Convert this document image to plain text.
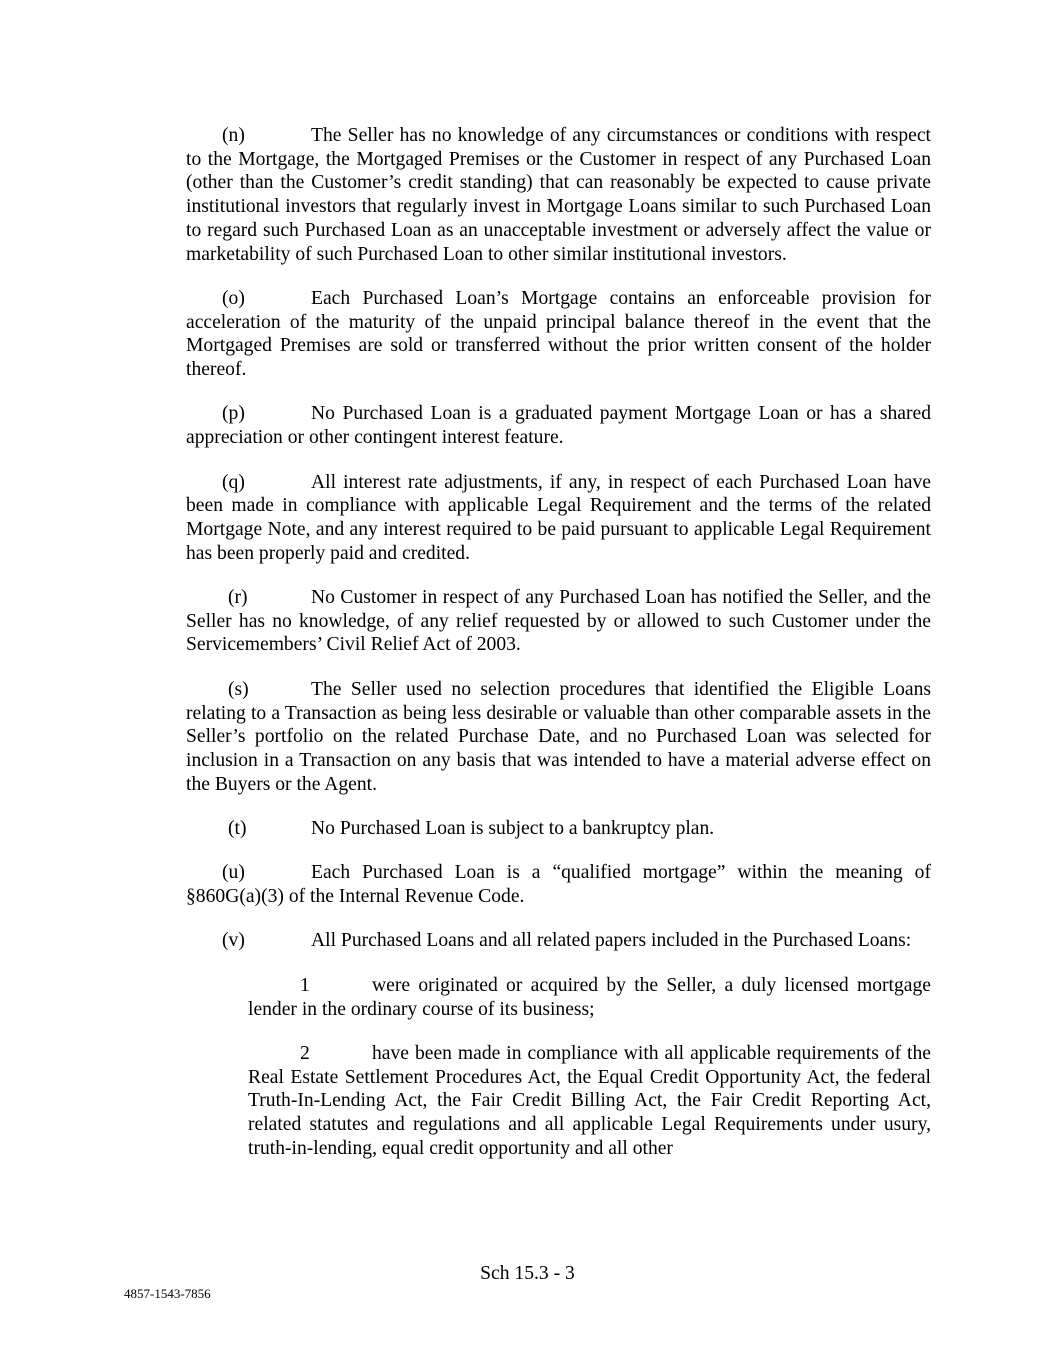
(n)	The Seller has no knowledge of any circumstances or conditions with respect to the Mortgage, the Mortgaged Premises or the Customer in respect of any Purchased Loan (other than the Customer’s credit standing) that can reasonably be expected to cause private institutional investors that regularly invest in Mortgage Loans similar to such Purchased Loan to regard such Purchased Loan as an unacceptable investment or adversely affect the value or marketability of such Purchased Loan to other similar institutional investors.

(o)	Each Purchased Loan’s Mortgage contains an enforceable provision for acceleration of the maturity of the unpaid principal balance thereof in the event that the Mortgaged Premises are sold or transferred without the prior written consent of the holder thereof.

(p)	No Purchased Loan is a graduated payment Mortgage Loan or has a shared appreciation or other contingent interest feature.

(q)	All interest rate adjustments, if any, in respect of each Purchased Loan have been made in compliance with applicable Legal Requirement and the terms of the related Mortgage Note, and any interest required to be paid pursuant to applicable Legal Requirement has been properly paid and credited.

(r)	No Customer in respect of any Purchased Loan has notified the Seller, and the Seller has no knowledge, of any relief requested by or allowed to such Customer under the Servicemembers’ Civil Relief Act of 2003.

(s)	The Seller used no selection procedures that identified the Eligible Loans relating to a Transaction as being less desirable or valuable than other comparable assets in the Seller’s portfolio on the related Purchase Date, and no Purchased Loan was selected for inclusion in a Transaction on any basis that was intended to have a material adverse effect on the Buyers or the Agent.

(t)	No Purchased Loan is subject to a bankruptcy plan.

(u)	Each Purchased Loan is a “qualified mortgage” within the meaning of §860G(a)(3) of the Internal Revenue Code.

(v)	All Purchased Loans and all related papers included in the Purchased Loans:

1	were originated or acquired by the Seller, a duly licensed mortgage lender in the ordinary course of its business;

2	have been made in compliance with all applicable requirements of the Real Estate Settlement Procedures Act, the Equal Credit Opportunity Act, the federal Truth-In-Lending Act, the Fair Credit Billing Act, the Fair Credit Reporting Act, related statutes and regulations and all applicable Legal Requirements under usury, truth-in-lending, equal credit opportunity and all other

Sch 15.3 - 3
4857-1543-7856
